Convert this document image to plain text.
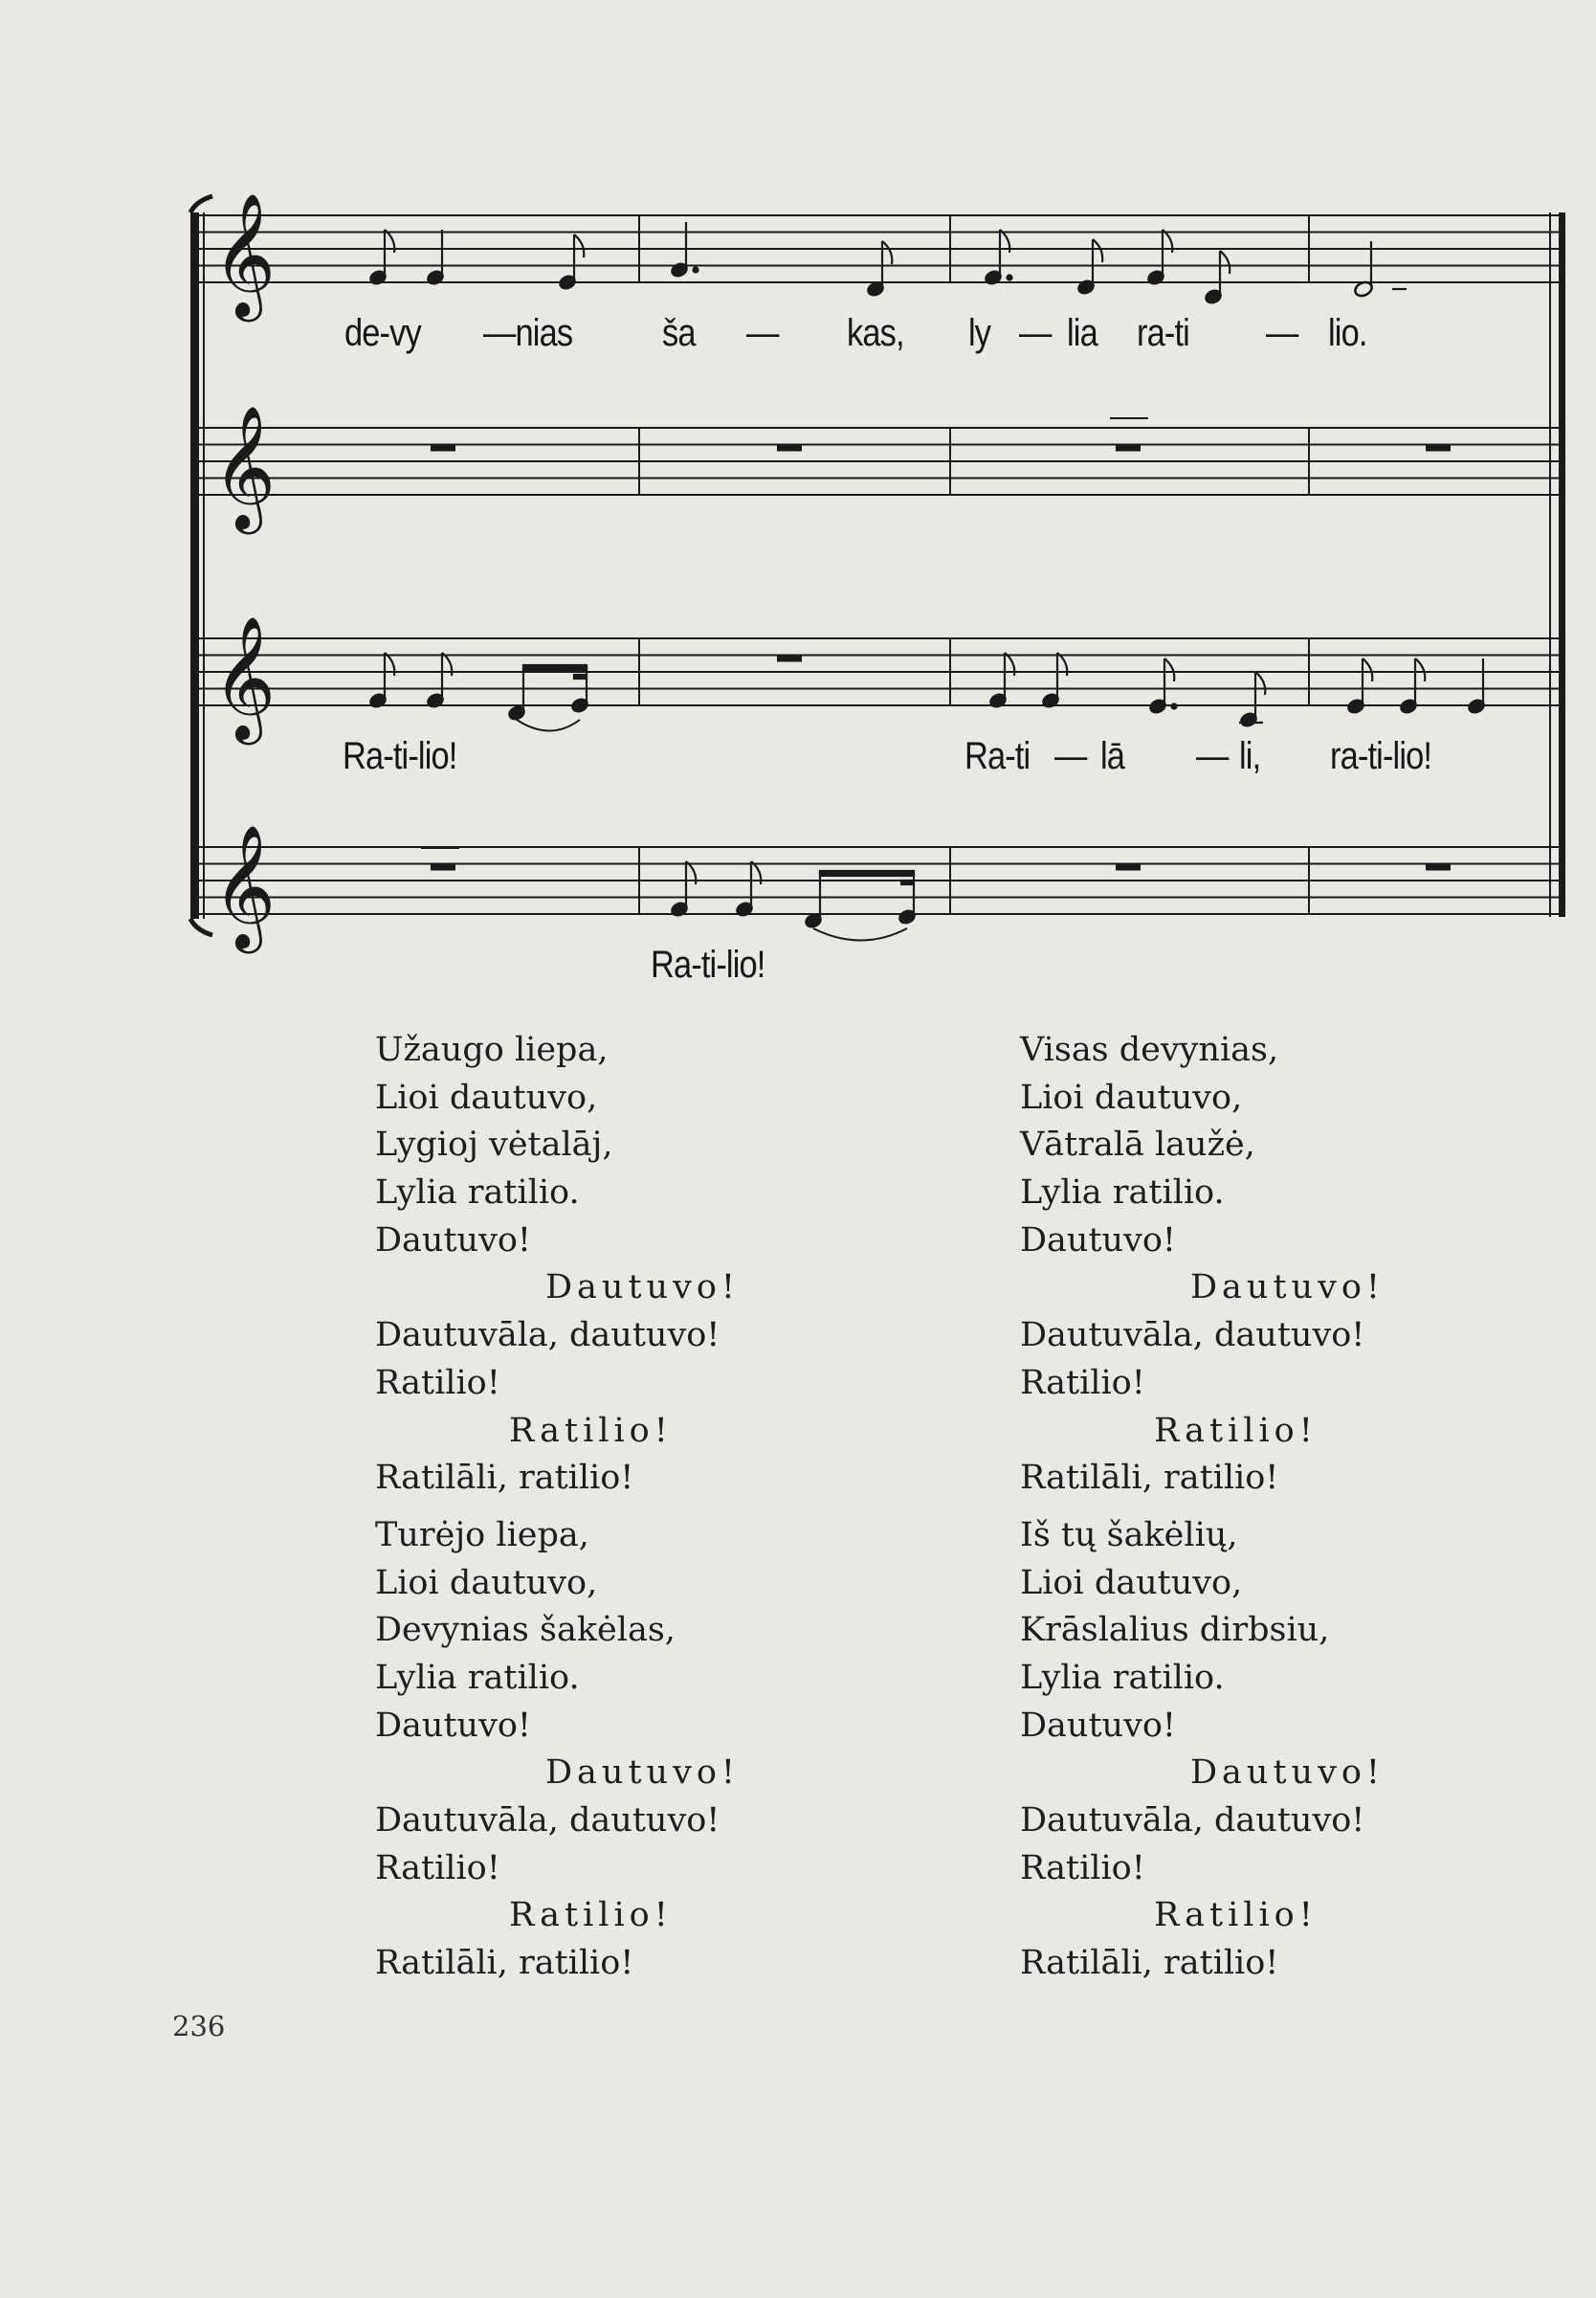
𝄞
𝄞
𝄞
𝄞
de-vy —nias ša — kas, ly — lia ra-ti — lio.
Ra-ti-lio!	Ra-ti — lā — li, ra-ti-lio!
Ra-ti-lio!
Užaugo liepa,
Lioi dautuvo,
Lygioj vėtalāj,
Lylia ratilio.
Dautuvo!
Dautuvo!
Dautuvāla, dautuvo!
Ratilio!
Ratilio!
Ratilāli, ratilio!
Turėjo liepa,
Lioi dautuvo,
Devynias šakėlas,
Lylia ratilio.
Dautuvo!
Dautuvo!
Dautuvāla, dautuvo!
Ratilio!
Ratilio!
Ratilāli, ratilio!
Visas devynias,
Lioi dautuvo,
Vātralā laužė,
Lylia ratilio.
Dautuvo!
Dautuvo!
Dautuvāla, dautuvo!
Ratilio!
Ratilio!
Ratilāli, ratilio!
Iš tų šakėlių,
Lioi dautuvo,
Krāslalius dirbsiu,
Lylia ratilio.
Dautuvo!
Dautuvo!
Dautuvāla, dautuvo!
Ratilio!
Ratilio!
Ratilāli, ratilio!
236
